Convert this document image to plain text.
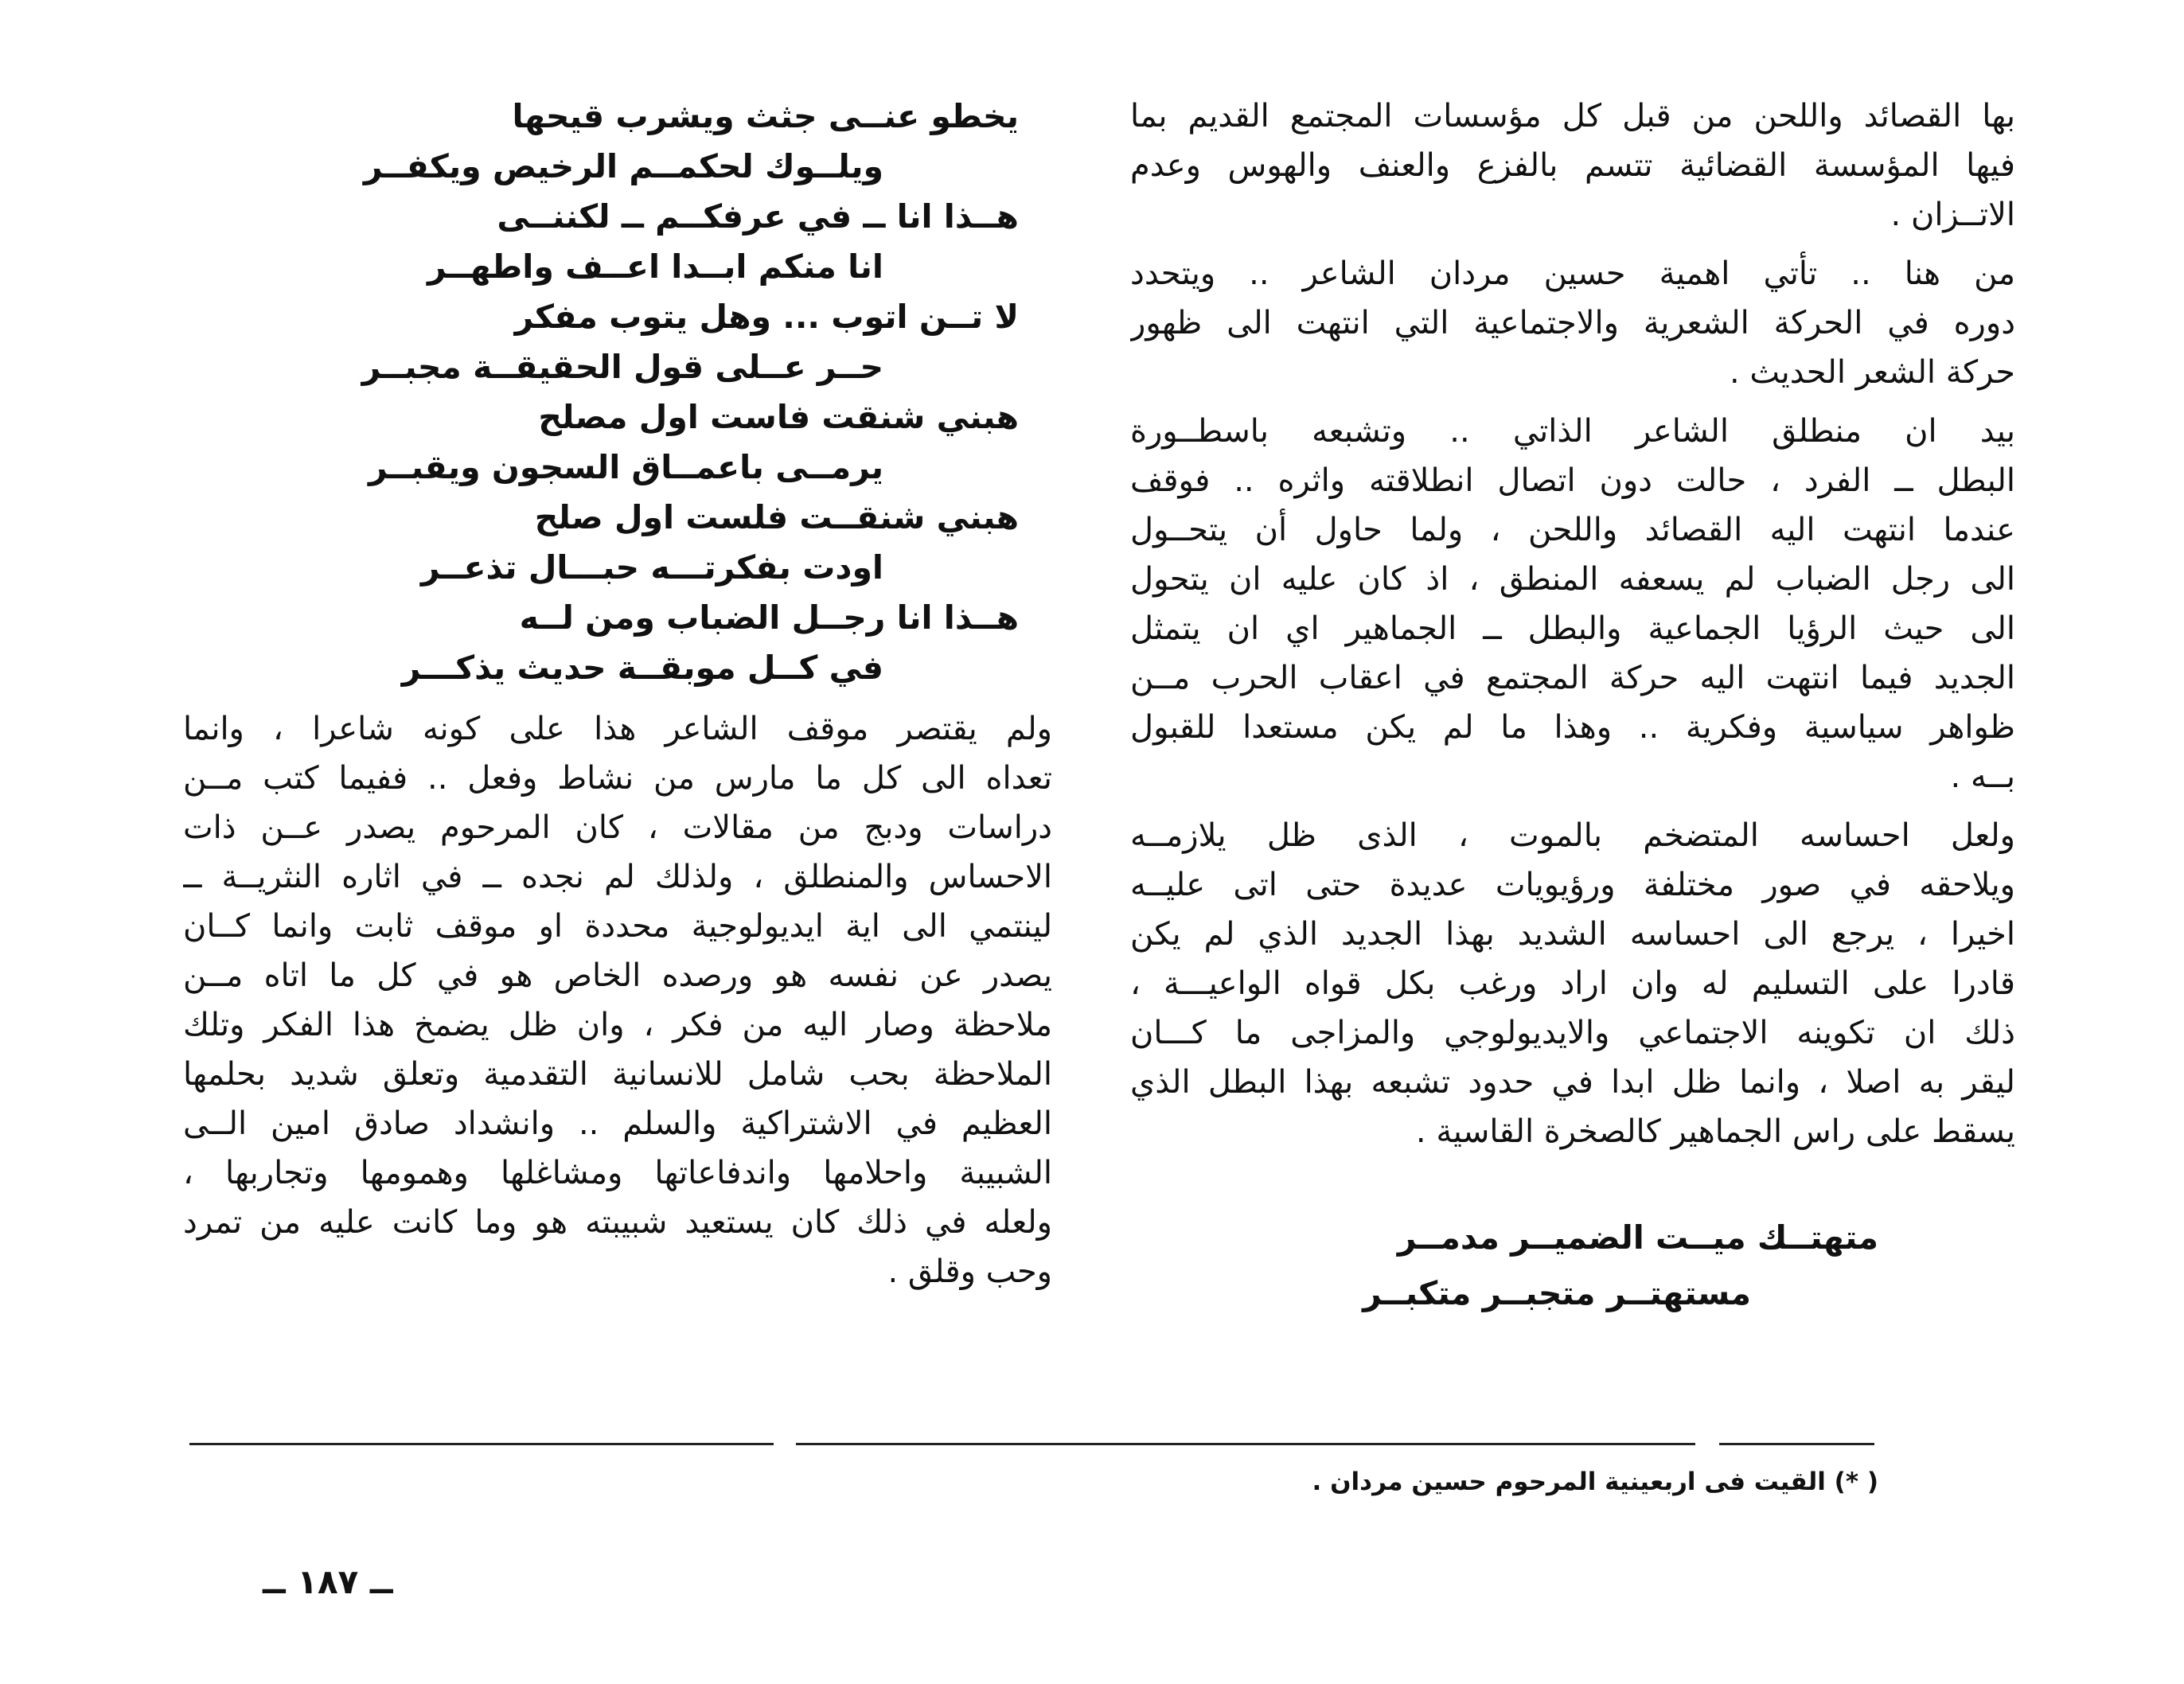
بها القصائد واللحن من قبل كل مؤسسات المجتمع القديم بما
فيها المؤسسة القضائية تتسم بالفزع والعنف والهوس وعدم
الاتــزان .
من هنا .. تأتي اهمية حسين مردان الشاعر .. ويتحدد
دوره في الحركة الشعرية والاجتماعية التي انتهت الى ظهور
حركة الشعر الحديث .
بيد ان منطلق الشاعر الذاتي .. وتشبعه باسطــورة
البطل ــ الفرد ، حالت دون اتصال انطلاقته واثره .. فوقف
عندما انتهت اليه القصائد واللحن ، ولما حاول أن يتحــول
الى رجل الضباب لم يسعفه المنطق ، اذ كان عليه ان يتحول
الى حيث الرؤيا الجماعية والبطل ــ الجماهير اي ان يتمثل
الجديد فيما انتهت اليه حركة المجتمع في اعقاب الحرب مــن
ظواهر سياسية وفكرية .. وهذا ما لم يكن مستعدا للقبول
بــه .
ولعل احساسه المتضخم بالموت ، الذى ظل يلازمــه
ويلاحقه في صور مختلفة ورؤيويات عديدة حتى اتى عليــه
اخيرا ، يرجع الى احساسه الشديد بهذا الجديد الذي لم يكن
قادرا على التسليم له وان اراد ورغب بكل قواه الواعيـــة ،
ذلك ان تكوينه الاجتماعي والايديولوجي والمزاجى ما كـــان
ليقر به اصلا ، وانما ظل ابدا في حدود تشبعه بهذا البطل الذي
يسقط على راس الجماهير كالصخرة القاسية .
يخطو عنــى جثث ويشرب قيحها
ويلــوك لحكمــم الرخيص ويكفــر
هــذا انا ــ في عرفكــم ــ لكننــى
انا منكم ابــدا اعــف واطهــر
لا تــن اتوب ... وهل يتوب مفكر
حــر عــلى قول الحقيقــة مجبــر
هبني شنقت فاست اول مصلح
يرمــى باعمــاق السجون ويقبــر
هبني شنقــت فلست اول صلح
اودت بفكرتـــه حبـــال تذعــر
هــذا انا رجــل الضباب ومن لــه
في كــل موبقــة حديث يذكـــر
ولم يقتصر موقف الشاعر هذا على كونه شاعرا ، وانما
تعداه الى كل ما مارس من نشاط وفعل .. ففيما كتب مــن
دراسات ودبج من مقالات ، كان المرحوم يصدر عــن ذات
الاحساس والمنطلق ، ولذلك لم نجده ــ في اثاره النثريــة ــ
لينتمي الى اية ايديولوجية محددة او موقف ثابت وانما كــان
يصدر عن نفسه هو ورصده الخاص هو في كل ما اتاه مــن
ملاحظة وصار اليه من فكر ، وان ظل يضمخ هذا الفكر وتلك
الملاحظة بحب شامل للانسانية التقدمية وتعلق شديد بحلمها
العظيم في الاشتراكية والسلم .. وانشداد صادق امين الــى
الشبيبة واحلامها واندفاعاتها ومشاغلها وهمومها وتجاربها ،
ولعله في ذلك كان يستعيد شبيبته هو وما كانت عليه من تمرد
وحب وقلق .
متهتــك ميــت الضميــر مدمــر
مستهتــر متجبــر متكبــر
( *) القيت فى اربعينية المرحوم حسين مردان .
ــ ١٨٧ ــ
